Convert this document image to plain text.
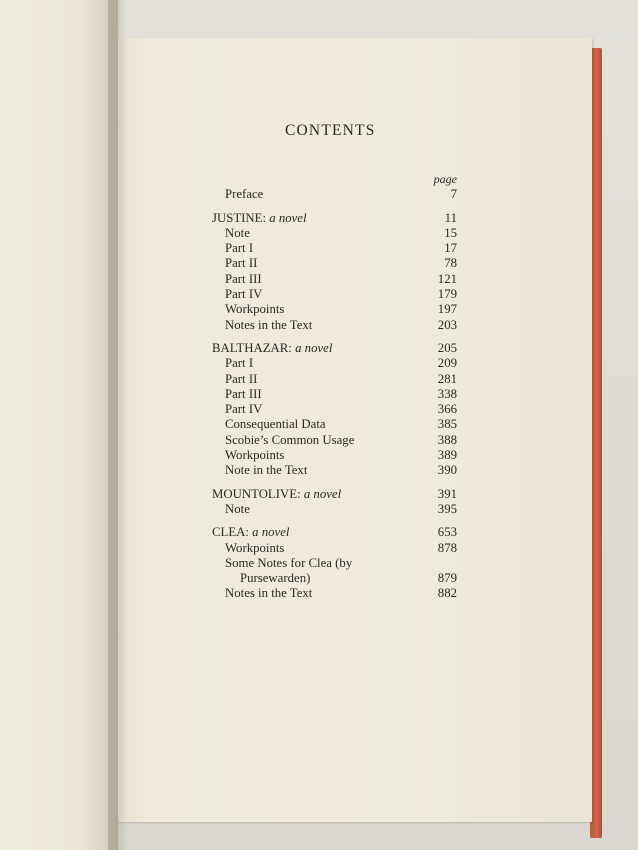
CONTENTS
page
Preface	7
JUSTINE: a novel	11
Note	15
Part I	17
Part II	78
Part III	121
Part IV	179
Workpoints	197
Notes in the Text	203
BALTHAZAR: a novel	205
Part I	209
Part II	281
Part III	338
Part IV	366
Consequential Data	385
Scobie’s Common Usage	388
Workpoints	389
Note in the Text	390
MOUNTOLIVE: a novel	391
Note	395
CLEA: a novel	653
Workpoints	878
Some Notes for Clea (by
Pursewarden)	879
Notes in the Text	882
